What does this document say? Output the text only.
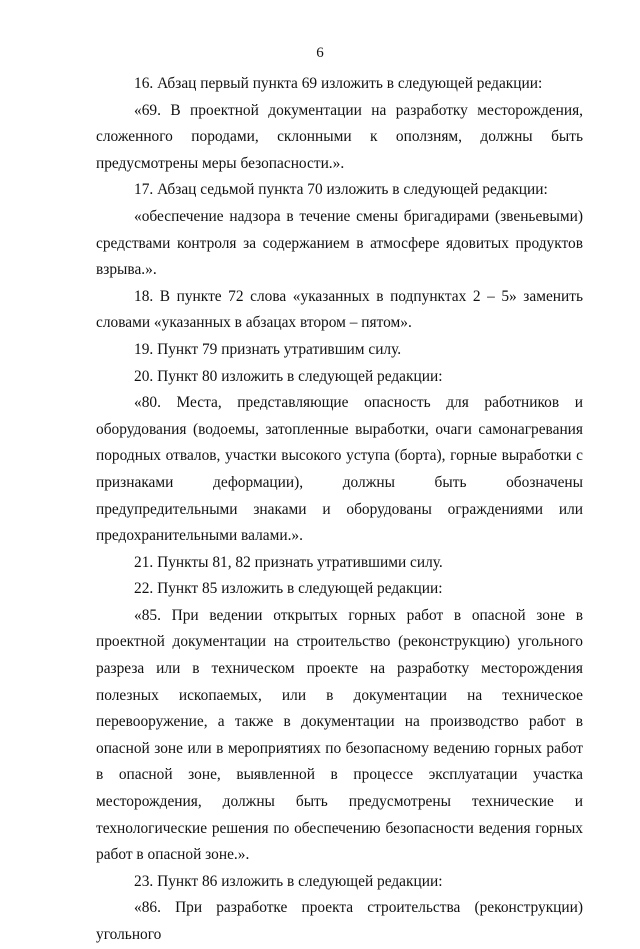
6

16. Абзац первый пункта 69 изложить в следующей редакции:

«69. В проектной документации на разработку месторождения, сложенного породами, склонными к оползням, должны быть предусмотрены меры безопасности.».

17. Абзац седьмой пункта 70 изложить в следующей редакции:

«обеспечение надзора в течение смены бригадирами (звеньевыми) средствами контроля за содержанием в атмосфере ядовитых продуктов взрыва.».

18. В пункте 72 слова «указанных в подпунктах 2 – 5» заменить словами «указанных в абзацах втором – пятом».

19. Пункт 79 признать утратившим силу.

20. Пункт 80 изложить в следующей редакции:

«80. Места, представляющие опасность для работников и оборудования (водоемы, затопленные выработки, очаги самонагревания породных отвалов, участки высокого уступа (борта), горные выработки с признаками деформации), должны быть обозначены предупредительными знаками и оборудованы ограждениями или предохранительными валами.».

21. Пункты 81, 82 признать утратившими силу.

22. Пункт 85 изложить в следующей редакции:

«85. При ведении открытых горных работ в опасной зоне в проектной документации на строительство (реконструкцию) угольного разреза или в техническом проекте на разработку месторождения полезных ископаемых, или в документации на техническое перевооружение, а также в документации на производство работ в опасной зоне или в мероприятиях по безопасному ведению горных работ в опасной зоне, выявленной в процессе эксплуатации участка месторождения, должны быть предусмотрены технические и технологические решения по обеспечению безопасности ведения горных работ в опасной зоне.».

23. Пункт 86 изложить в следующей редакции:

«86. При разработке проекта строительства (реконструкции) угольного
